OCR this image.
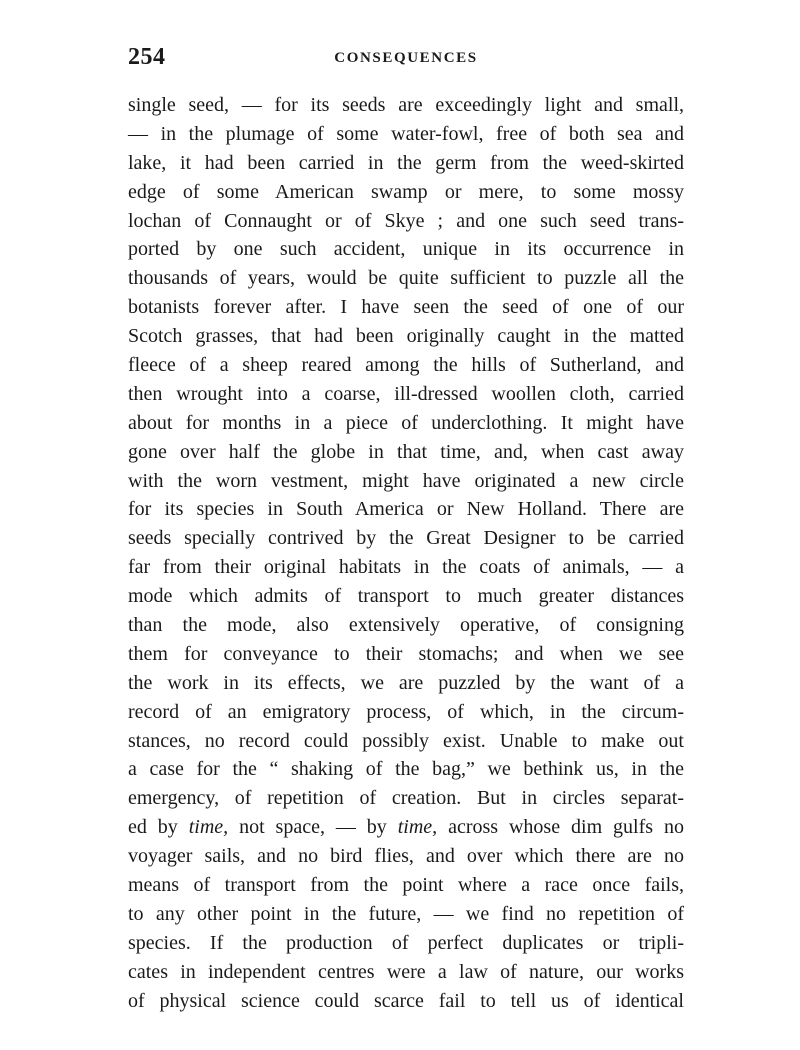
254	CONSEQUENCES
single seed, — for its seeds are exceedingly light and small,
— in the plumage of some water-fowl, free of both sea and
lake, it had been carried in the germ from the weed-skirted
edge of some American swamp or mere, to some mossy
lochan of Connaught or of Skye ; and one such seed trans-
ported by one such accident, unique in its occurrence in
thousands of years, would be quite sufficient to puzzle all the
botanists forever after. I have seen the seed of one of our
Scotch grasses, that had been originally caught in the matted
fleece of a sheep reared among the hills of Sutherland, and
then wrought into a coarse, ill-dressed woollen cloth, carried
about for months in a piece of underclothing. It might have
gone over half the globe in that time, and, when cast away
with the worn vestment, might have originated a new circle
for its species in South America or New Holland. There are
seeds specially contrived by the Great Designer to be carried
far from their original habitats in the coats of animals, — a
mode which admits of transport to much greater distances
than the mode, also extensively operative, of consigning
them for conveyance to their stomachs; and when we see
the work in its effects, we are puzzled by the want of a
record of an emigratory process, of which, in the circum-
stances, no record could possibly exist. Unable to make out
a case for the “ shaking of the bag,” we bethink us, in the
emergency, of repetition of creation. But in circles separat-
ed by time, not space, — by time, across whose dim gulfs no
voyager sails, and no bird flies, and over which there are no
means of transport from the point where a race once fails,
to any other point in the future, — we find no repetition of
species. If the production of perfect duplicates or tripli-
cates in independent centres were a law of nature, our works
of physical science could scarce fail to tell us of identical
